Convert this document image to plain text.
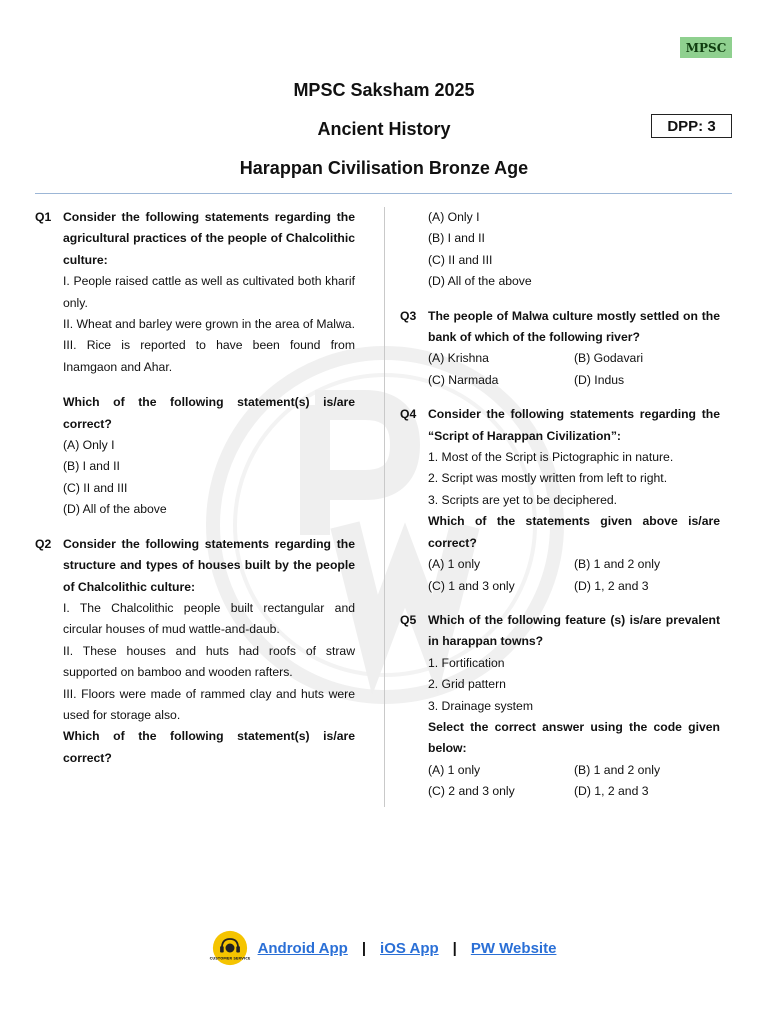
MPSC
MPSC Saksham 2025
Ancient History
Harappan Civilisation Bronze Age
DPP: 3
Q1 Consider the following statements regarding the agricultural practices of the people of Chalcolithic culture:
I. People raised cattle as well as cultivated both kharif only.
II. Wheat and barley were grown in the area of Malwa.
III. Rice is reported to have been found from Inamgaon and Ahar.
Which of the following statement(s) is/are correct?
(A) Only I
(B) I and II
(C) II and III
(D) All of the above
Q2 Consider the following statements regarding the structure and types of houses built by the people of Chalcolithic culture:
I. The Chalcolithic people built rectangular and circular houses of mud wattle-and-daub.
II. These houses and huts had roofs of straw supported on bamboo and wooden rafters.
III. Floors were made of rammed clay and huts were used for storage also.
Which of the following statement(s) is/are correct?
(A) Only I
(B) I and II
(C) II and III
(D) All of the above
Q3 The people of Malwa culture mostly settled on the bank of which of the following river?
(A) Krishna	(B) Godavari
(C) Narmada	(D) Indus
Q4 Consider the following statements regarding the “Script of Harappan Civilization”:
1. Most of the Script is Pictographic in nature.
2. Script was mostly written from left to right.
3. Scripts are yet to be deciphered.
Which of the statements given above is/are correct?
(A) 1 only	(B) 1 and 2 only
(C) 1 and 3 only	(D) 1, 2 and 3
Q5 Which of the following feature (s) is/are prevalent in harappan towns?
1. Fortification
2. Grid pattern
3. Drainage system
Select the correct answer using the code given below:
(A) 1 only	(B) 1 and 2 only
(C) 2 and 3 only	(D) 1, 2 and 3
CUSTOMER SERVICE
Android App | iOS App | PW Website
